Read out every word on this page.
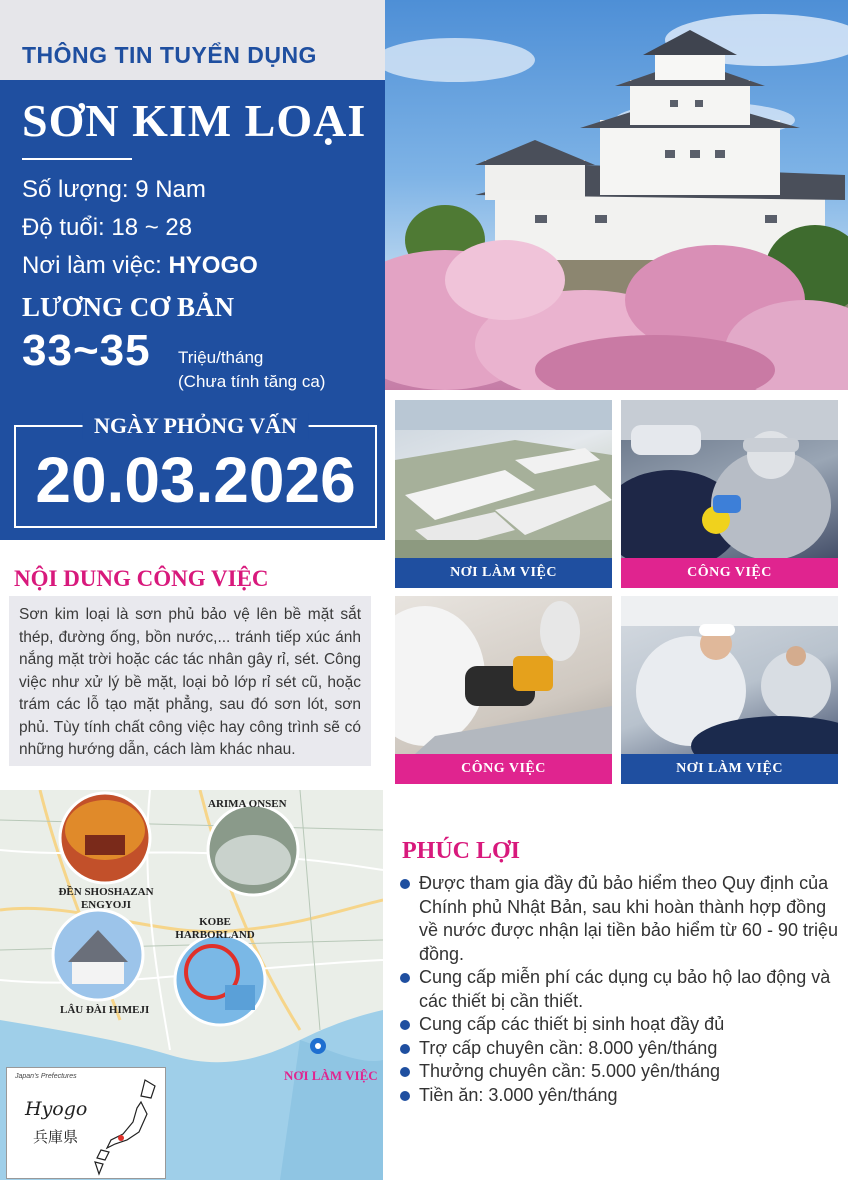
THÔNG TIN TUYỂN DỤNG
SƠN KIM LOẠI
Số lượng: 9 Nam
Độ tuổi: 18 ~ 28
Nơi làm việc: HYOGO
LƯƠNG CƠ BẢN
33~35 Triệu/tháng
(Chưa tính tăng ca)
NGÀY PHỎNG VẤN
20.03.2026
NƠI LÀM VIỆC	CÔNG VIỆC
CÔNG VIỆC	NƠI LÀM VIỆC
NỘI DUNG CÔNG VIỆC
Sơn kim loại là sơn phủ bảo vệ lên bề mặt sắt thép, đường ống, bồn nước,... tránh tiếp xúc ánh nắng mặt trời hoặc các tác nhân gây rỉ, sét. Công việc như xử lý bề mặt, loại bỏ lớp rỉ sét cũ, hoặc trám các lỗ tạo mặt phẳng, sau đó sơn lót, sơn phủ. Tùy tính chất công việc hay công trình sẽ có những hướng dẫn, cách làm khác nhau.
ARIMA ONSEN
ĐỀN SHOSHAZAN ENGYOJI
KOBE HARBORLAND
LÂU ĐÀI HIMEJI
NƠI LÀM VIỆC
Japan's Prefectures
Hyogo
兵庫県
PHÚC LỢI
Được tham gia đầy đủ bảo hiểm theo Quy định của Chính phủ Nhật Bản, sau khi hoàn thành hợp đồng về nước được nhận lại tiền bảo hiểm từ 60 - 90 triệu đồng.
Cung cấp miễn phí các dụng cụ bảo hộ lao động và các thiết bị cần thiết.
Cung cấp các thiết bị sinh hoạt đầy đủ
Trợ cấp chuyên cần: 8.000 yên/tháng
Thưởng chuyên cần: 5.000 yên/tháng
Tiền ăn: 3.000 yên/tháng
